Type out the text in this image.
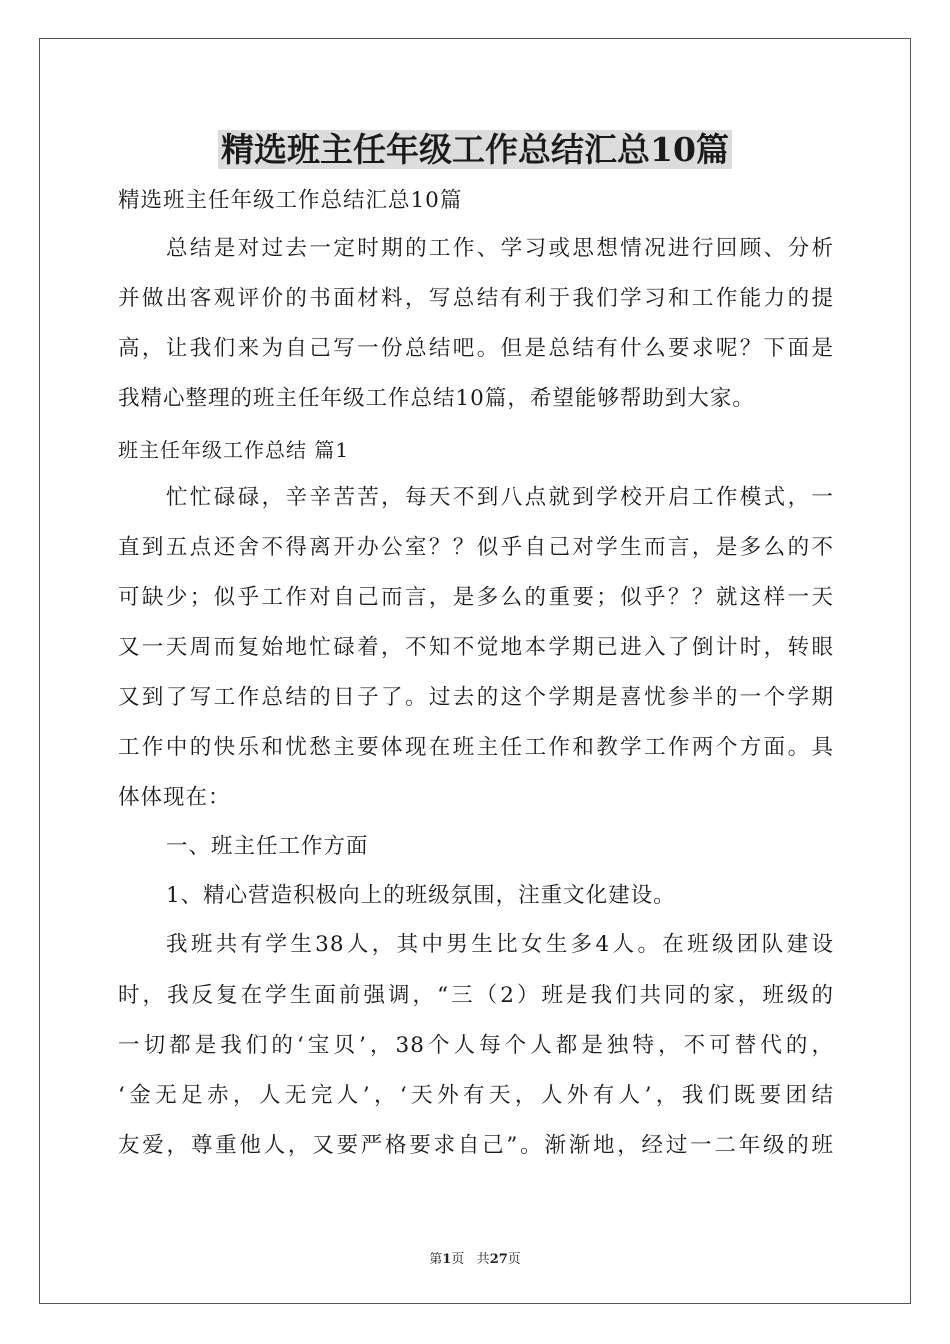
精选班主任年级工作总结汇总10篇
精选班主任年级工作总结汇总10篇
总结是对过去一定时期的工作、学习或思想情况进行回顾、分析
并做出客观评价的书面材料，写总结有利于我们学习和工作能力的提
高，让我们来为自己写一份总结吧。但是总结有什么要求呢？下面是
我精心整理的班主任年级工作总结10篇，希望能够帮助到大家。
班主任年级工作总结 篇1
忙忙碌碌，辛辛苦苦，每天不到八点就到学校开启工作模式，一
直到五点还舍不得离开办公室？？似乎自己对学生而言，是多么的不
可缺少；似乎工作对自己而言，是多么的重要；似乎？？就这样一天
又一天周而复始地忙碌着，不知不觉地本学期已进入了倒计时，转眼
又到了写工作总结的日子了。过去的这个学期是喜忧参半的一个学期
工作中的快乐和忧愁主要体现在班主任工作和教学工作两个方面。具
体体现在：
一、班主任工作方面
1、精心营造积极向上的班级氛围，注重文化建设。
我班共有学生38人，其中男生比女生多4人。在班级团队建设
时，我反复在学生面前强调，“三（2）班是我们共同的家，班级的
一切都是我们的‘宝贝’，38个人每个人都是独特，不可替代的，
‘金无足赤，人无完人’，‘天外有天，人外有人’，我们既要团结
友爱，尊重他人，又要严格要求自己”。渐渐地，经过一二年级的班
第1页 共27页
